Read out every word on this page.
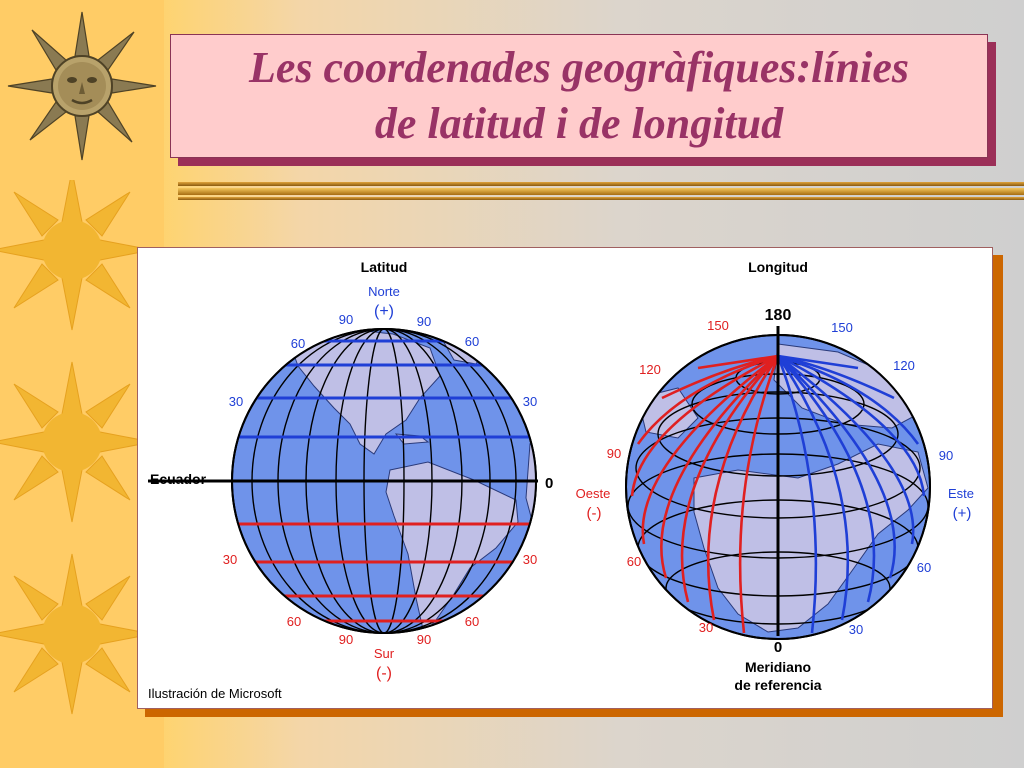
Les coordenades geogràfiques:línies
de latitud i de longitud

Latitud
Norte
(+)
90	90
60	60
30	30
Ecuador	0
30	30
60	60
90	90
Sur
(-)
Longitud
180
150	150
120	120
90	90
Oeste
(-)
Este
(+)
60	60
30	30
0
Meridiano
de referencia
Ilustración de Microsoft
